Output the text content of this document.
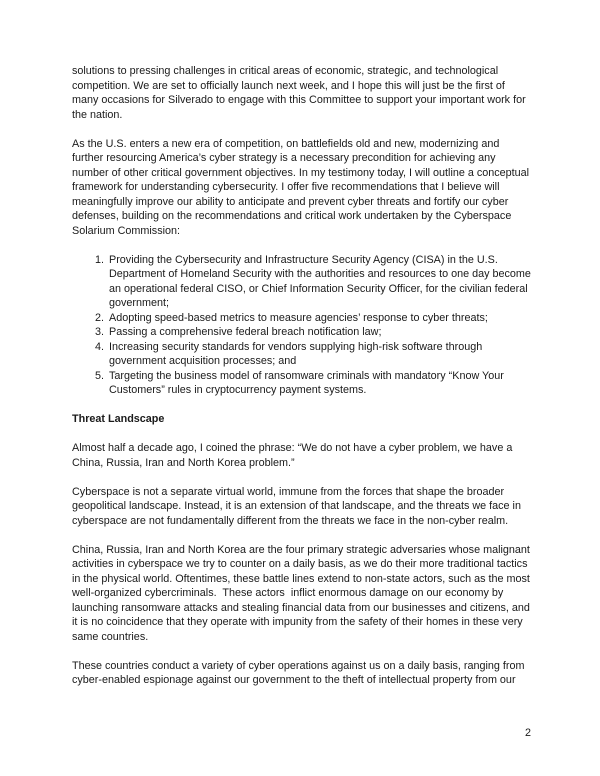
solutions to pressing challenges in critical areas of economic, strategic, and technological competition. We are set to officially launch next week, and I hope this will just be the first of many occasions for Silverado to engage with this Committee to support your important work for the nation.

As the U.S. enters a new era of competition, on battlefields old and new, modernizing and further resourcing America’s cyber strategy is a necessary precondition for achieving any number of other critical government objectives. In my testimony today, I will outline a conceptual framework for understanding cybersecurity. I offer five recommendations that I believe will meaningfully improve our ability to anticipate and prevent cyber threats and fortify our cyber defenses, building on the recommendations and critical work undertaken by the Cyberspace Solarium Commission:

1. Providing the Cybersecurity and Infrastructure Security Agency (CISA) in the U.S. Department of Homeland Security with the authorities and resources to one day become an operational federal CISO, or Chief Information Security Officer, for the civilian federal government;
2. Adopting speed-based metrics to measure agencies’ response to cyber threats;
3. Passing a comprehensive federal breach notification law;
4. Increasing security standards for vendors supplying high-risk software through government acquisition processes; and
5. Targeting the business model of ransomware criminals with mandatory “Know Your Customers” rules in cryptocurrency payment systems.
Threat Landscape

Almost half a decade ago, I coined the phrase: “We do not have a cyber problem, we have a China, Russia, Iran and North Korea problem.”

Cyberspace is not a separate virtual world, immune from the forces that shape the broader geopolitical landscape. Instead, it is an extension of that landscape, and the threats we face in cyberspace are not fundamentally different from the threats we face in the non-cyber realm.

China, Russia, Iran and North Korea are the four primary strategic adversaries whose malignant activities in cyberspace we try to counter on a daily basis, as we do their more traditional tactics in the physical world. Oftentimes, these battle lines extend to non-state actors, such as the most well-organized cybercriminals.  These actors  inflict enormous damage on our economy by launching ransomware attacks and stealing financial data from our businesses and citizens, and it is no coincidence that they operate with impunity from the safety of their homes in these very same countries.

These countries conduct a variety of cyber operations against us on a daily basis, ranging from cyber-enabled espionage against our government to the theft of intellectual property from our

2
